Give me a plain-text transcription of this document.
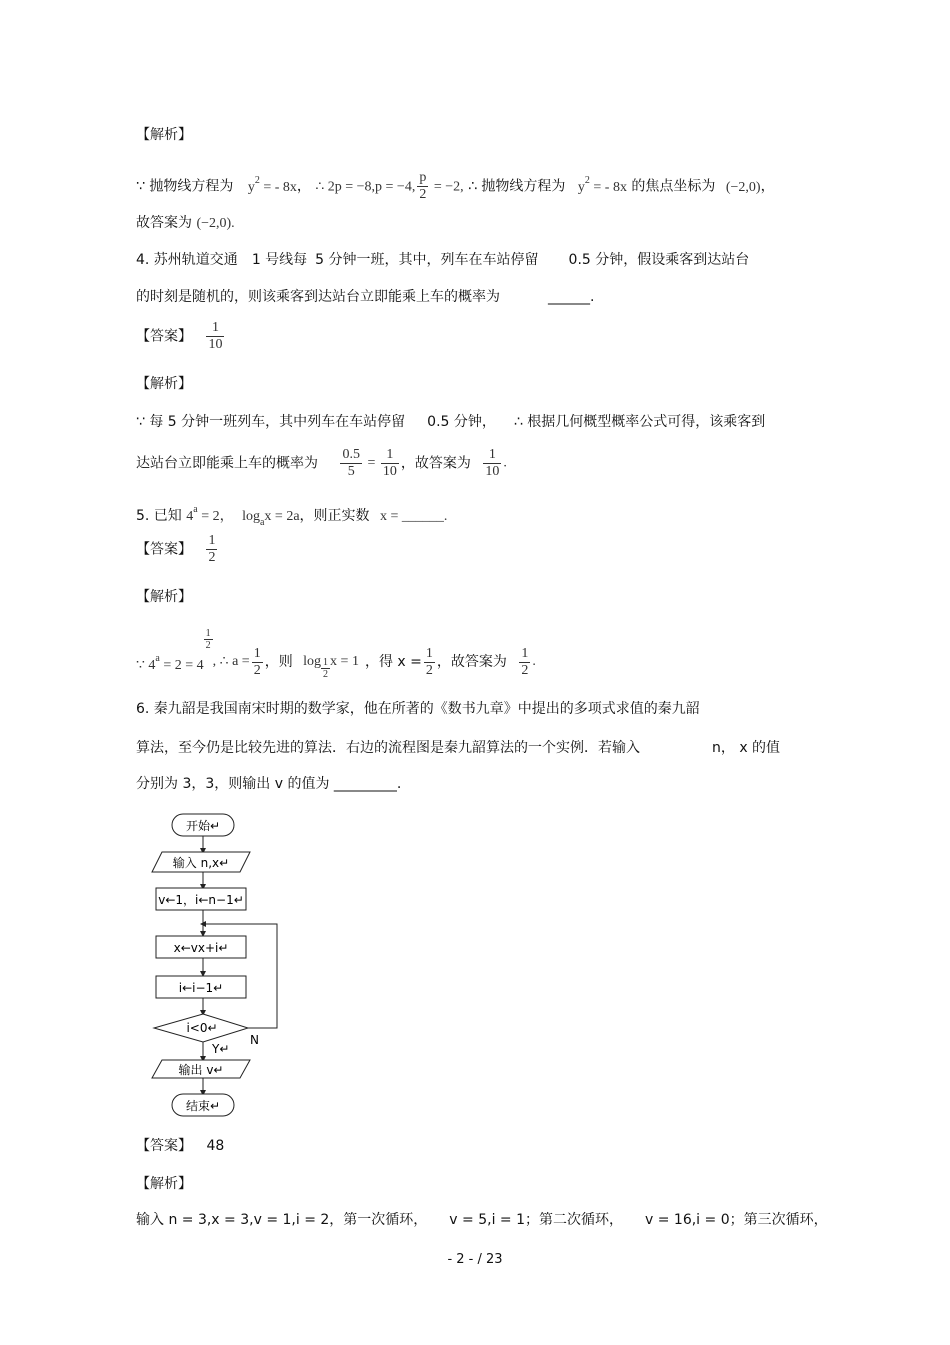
【解析】
∵ 抛物线方程为 $y^2$ = - 8x， ∴ 2p = −8,p = −4, $\frac{p}{2} = -2$, ∴ 抛物线方程为 $y^2$ = - 8x 的焦点坐标为 (−2,0)，
故答案为 (−2,0).
4. 苏州轨道交通 1 号线每 5 分钟一班，其中，列车在车站停留 0.5 分钟，假设乘客到达站台
的时刻是随机的，则该乘客到达站台立即能乘上车的概率为	______.
【答案】 $\frac{1}{10}$
【解析】
∵ 每 5 分钟一班列车，其中列车在车站停留 0.5 分钟， ∴ 根据几何概型概率公式可得，该乘客到
达站台立即能乘上车的概率为 $\frac{0.5}{5} = \frac{1}{10}$ ，故答案为 $\frac{1}{10}$ .
5. 已知 $4^a = 2$， $\log_ax = 2a$，则正实数 x = ______.
【答案】 $\frac{1}{2}$
【解析】
∵ $4^a = 2 = 4$
$\frac{1}{2}$
, ∴ $a = \frac{1}{2}$ ，则 $\log \frac{1}{2}$ x = 1 ，得 $x = \frac{1}{2}$ ，故答案为 $\frac{1}{2}$ .
6. 秦九韶是我国南宋时期的数学家，他在所著的《数书九章》中提出的多项式求值的秦九韶
算法，至今仍是比较先进的算法．右边的流程图是秦九韶算法的一个实例．若输入	n， x 的值
分别为 3，3，则输出 v 的值为 _________.
开始↵
输入 n,x↵
v←1，i←n−1↵
x←vx+i↵
i←i−1↵
i<0↵
N
Y↵
输出 v↵
结束↵
【答案】 48
【解析】
输入 n = 3,x = 3,v = 1,i = 2，第一次循环， v = 5,i = 1；第二次循环， v = 16,i = 0；第三次循环，
- 2 - / 23
